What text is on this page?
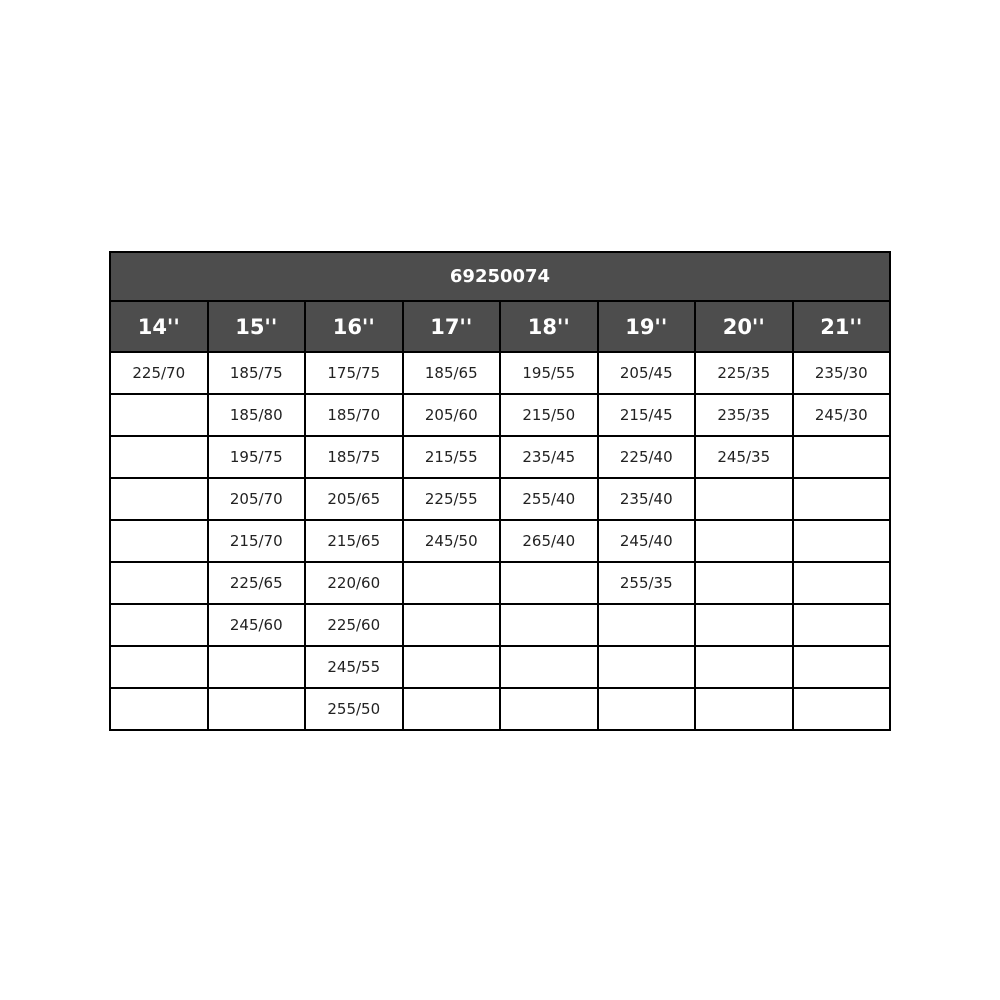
69250074							
14''	15''	16''	17''	18''	19''	20''	21''
225/70	185/75	175/75	185/65	195/55	205/45	225/35	235/30
	185/80	185/70	205/60	215/50	215/45	235/35	245/30
	195/75	185/75	215/55	235/45	225/40	245/35	
	205/70	205/65	225/55	255/40	235/40		
	215/70	215/65	245/50	265/40	245/40		
	225/65	220/60			255/35		
	245/60	225/60					
		245/55					
		255/50					
